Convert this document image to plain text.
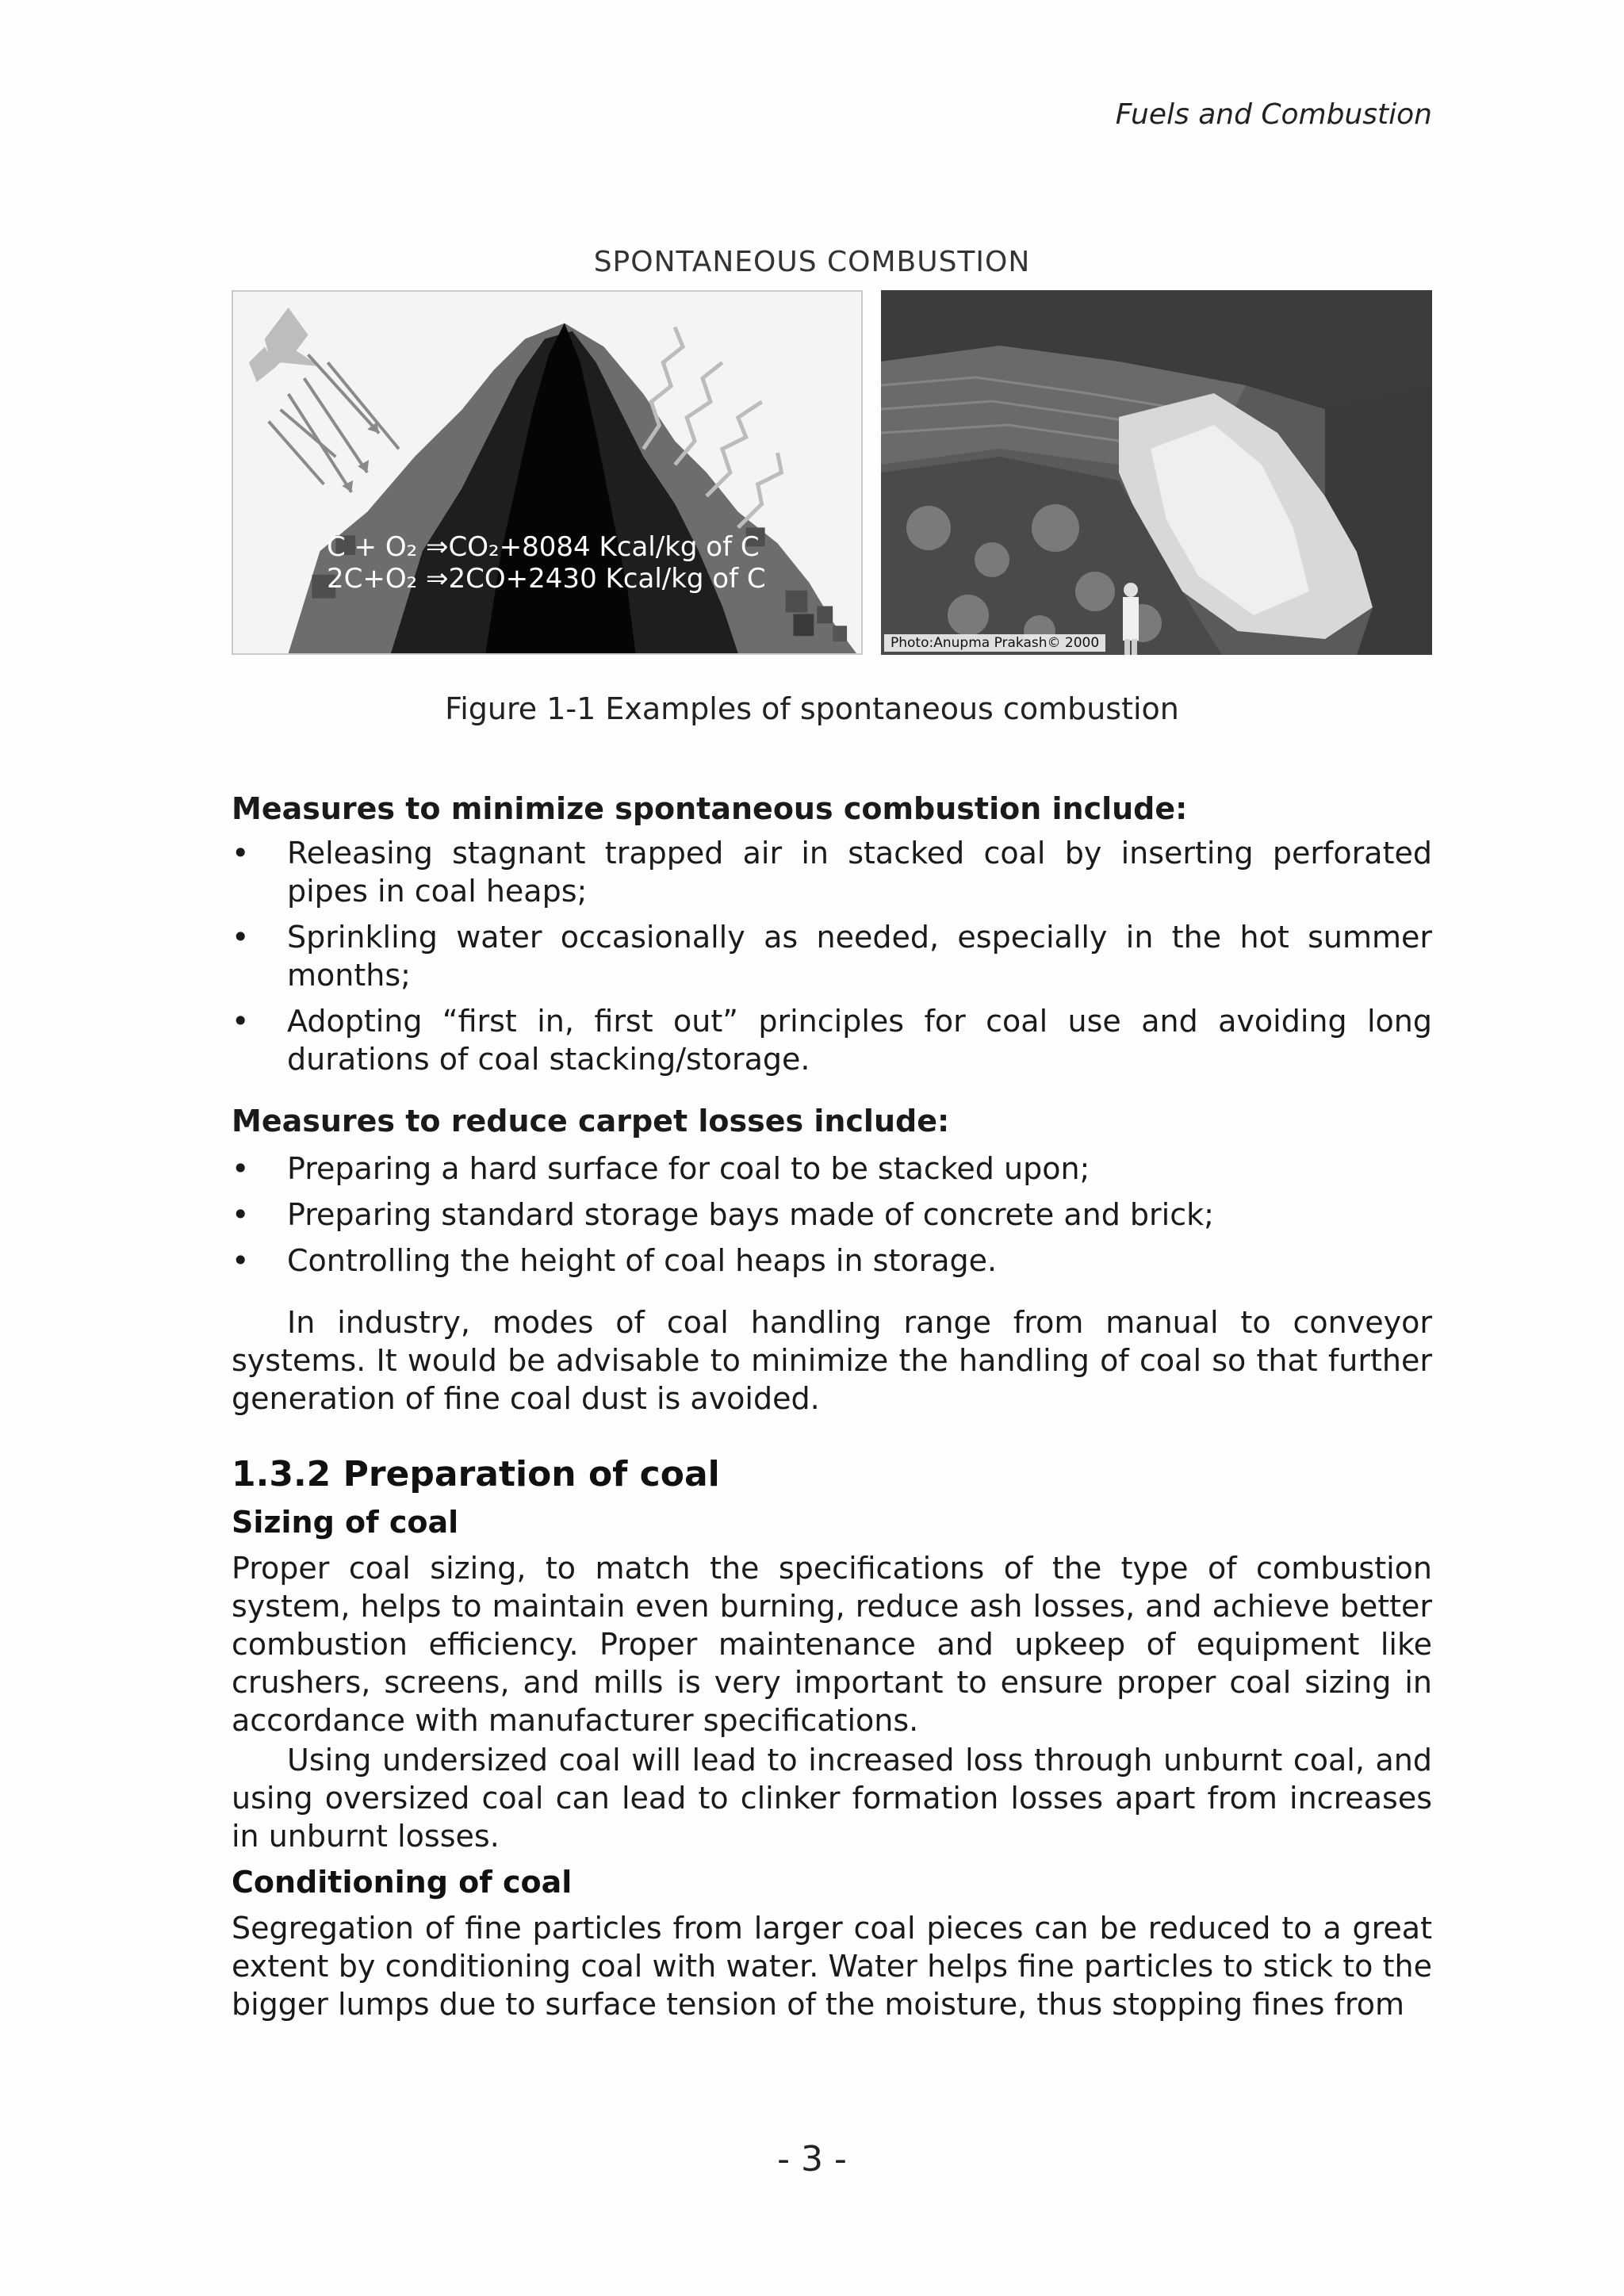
Fuels and Combustion
SPONTANEOUS COMBUSTION
C + O₂ ⇒CO₂+8084 Kcal/kg of C
2C+O₂ ⇒2CO+2430 Kcal/kg of C
Photo:Anupma Prakash© 2000
Figure 1-1 Examples of spontaneous combustion
Measures to minimize spontaneous combustion include:
• Releasing stagnant trapped air in stacked coal by inserting perforated pipes in coal heaps;
• Sprinkling water occasionally as needed, especially in the hot summer months;
• Adopting “first in, first out” principles for coal use and avoiding long durations of coal stacking/storage.
Measures to reduce carpet losses include:
• Preparing a hard surface for coal to be stacked upon;
• Preparing standard storage bays made of concrete and brick;
• Controlling the height of coal heaps in storage.
In industry, modes of coal handling range from manual to conveyor systems. It would be advisable to minimize the handling of coal so that further generation of fine coal dust is avoided.
1.3.2 Preparation of coal
Sizing of coal
Proper coal sizing, to match the specifications of the type of combustion system, helps to maintain even burning, reduce ash losses, and achieve better combustion efficiency. Proper maintenance and upkeep of equipment like crushers, screens, and mills is very important to ensure proper coal sizing in accordance with manufacturer specifications.
Using undersized coal will lead to increased loss through unburnt coal, and using oversized coal can lead to clinker formation losses apart from increases in unburnt losses.
Conditioning of coal
Segregation of fine particles from larger coal pieces can be reduced to a great extent by conditioning coal with water. Water helps fine particles to stick to the bigger lumps due to surface tension of the moisture, thus stopping fines from
- 3 -
